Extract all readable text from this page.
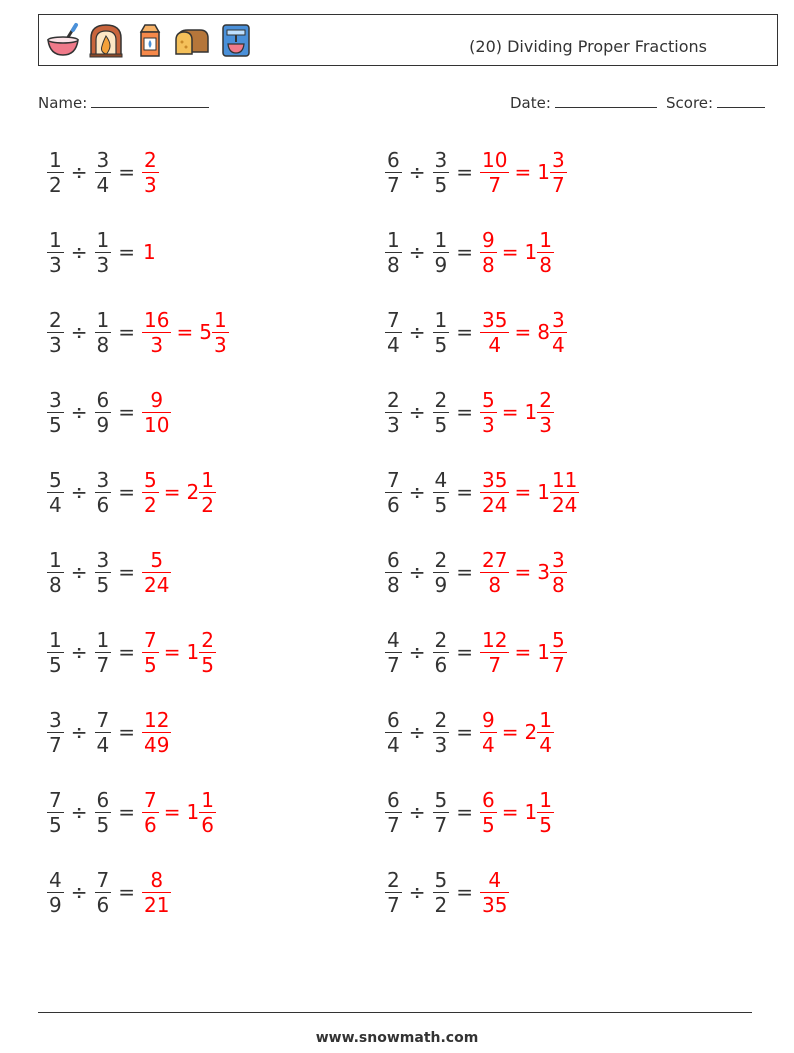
(20) Dividing Proper Fractions
Name:	Date:	Score:
$\frac{1}{2} \div \frac{3}{4} = \frac{2}{3}$
$\frac{1}{3} \div \frac{1}{3} = 1$
$\frac{2}{3} \div \frac{1}{8} = \frac{16}{3} = 5 \frac{1}{3}$
$\frac{3}{5} \div \frac{6}{9} = \frac{9}{10}$
$\frac{5}{4} \div \frac{3}{6} = \frac{5}{2} = 2 \frac{1}{2}$
$\frac{1}{8} \div \frac{3}{5} = \frac{5}{24}$
$\frac{1}{5} \div \frac{1}{7} = \frac{7}{5} = 1 \frac{2}{5}$
$\frac{3}{7} \div \frac{7}{4} = \frac{12}{49}$
$\frac{7}{5} \div \frac{6}{5} = \frac{7}{6} = 1 \frac{1}{6}$
$\frac{4}{9} \div \frac{7}{6} = \frac{8}{21}$
$\frac{6}{7} \div \frac{3}{5} = \frac{10}{7} = 1 \frac{3}{7}$
$\frac{1}{8} \div \frac{1}{9} = \frac{9}{8} = 1 \frac{1}{8}$
$\frac{7}{4} \div \frac{1}{5} = \frac{35}{4} = 8 \frac{3}{4}$
$\frac{2}{3} \div \frac{2}{5} = \frac{5}{3} = 1 \frac{2}{3}$
$\frac{7}{6} \div \frac{4}{5} = \frac{35}{24} = 1 \frac{11}{24}$
$\frac{6}{8} \div \frac{2}{9} = \frac{27}{8} = 3 \frac{3}{8}$
$\frac{4}{7} \div \frac{2}{6} = \frac{12}{7} = 1 \frac{5}{7}$
$\frac{6}{4} \div \frac{2}{3} = \frac{9}{4} = 2 \frac{1}{4}$
$\frac{6}{7} \div \frac{5}{7} = \frac{6}{5} = 1 \frac{1}{5}$
$\frac{2}{7} \div \frac{5}{2} = \frac{4}{35}$
www.snowmath.com
